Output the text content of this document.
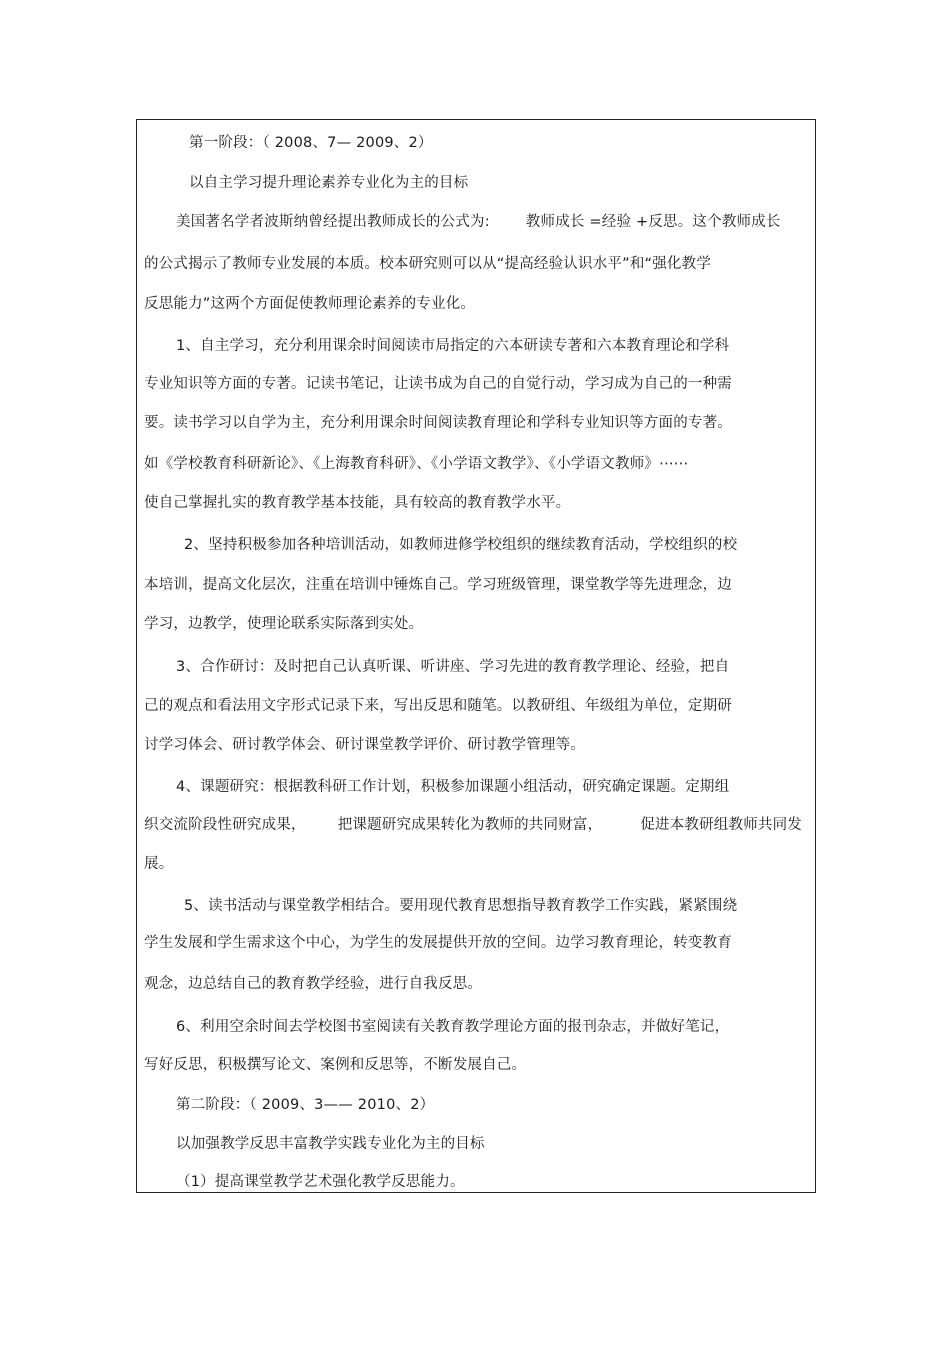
第一阶段：（ 2008、7— 2009、2）
以自主学习提升理论素养专业化为主的目标
美国著名学者波斯纳曾经提出教师成长的公式为: 教师成长 =经验 +反思。这个教师成长
的公式揭示了教师专业发展的本质。校本研究则可以从“提高经验认识水平”和“强化教学
反思能力”这两个方面促使教师理论素养的专业化。
1、自主学习，充分利用课余时间阅读市局指定的六本研读专著和六本教育理论和学科
专业知识等方面的专著。记读书笔记，让读书成为自己的自觉行动，学习成为自己的一种需
要。读书学习以自学为主，充分利用课余时间阅读教育理论和学科专业知识等方面的专著。
如《学校教育科研新论》、《上海教育科研》、《小学语文教学》、《小学语文教师》⋯⋯
使自己掌握扎实的教育教学基本技能，具有较高的教育教学水平。
2、坚持积极参加各种培训活动，如教师进修学校组织的继续教育活动，学校组织的校
本培训，提高文化层次，注重在培训中锤炼自己。学习班级管理，课堂教学等先进理念，边
学习，边教学，使理论联系实际落到实处。
3、合作研讨：及时把自己认真听课、听讲座、学习先进的教育教学理论、经验，把自
己的观点和看法用文字形式记录下来，写出反思和随笔。以教研组、年级组为单位，定期研
讨学习体会、研讨教学体会、研讨课堂教学评价、研讨教学管理等。
4、课题研究：根据教科研工作计划，积极参加课题小组活动，研究确定课题。定期组
织交流阶段性研究成果， 把课题研究成果转化为教师的共同财富，	促进本教研组教师共同发
展。
5、读书活动与课堂教学相结合。要用现代教育思想指导教育教学工作实践，紧紧围绕
学生发展和学生需求这个中心，为学生的发展提供开放的空间。边学习教育理论，转变教育
观念，边总结自己的教育教学经验，进行自我反思。
6、利用空余时间去学校图书室阅读有关教育教学理论方面的报刊杂志，并做好笔记，
写好反思，积极撰写论文、案例和反思等，不断发展自己。
第二阶段：（ 2009、3—— 2010、2）
以加强教学反思丰富教学实践专业化为主的目标
（1）提高课堂教学艺术强化教学反思能力。
